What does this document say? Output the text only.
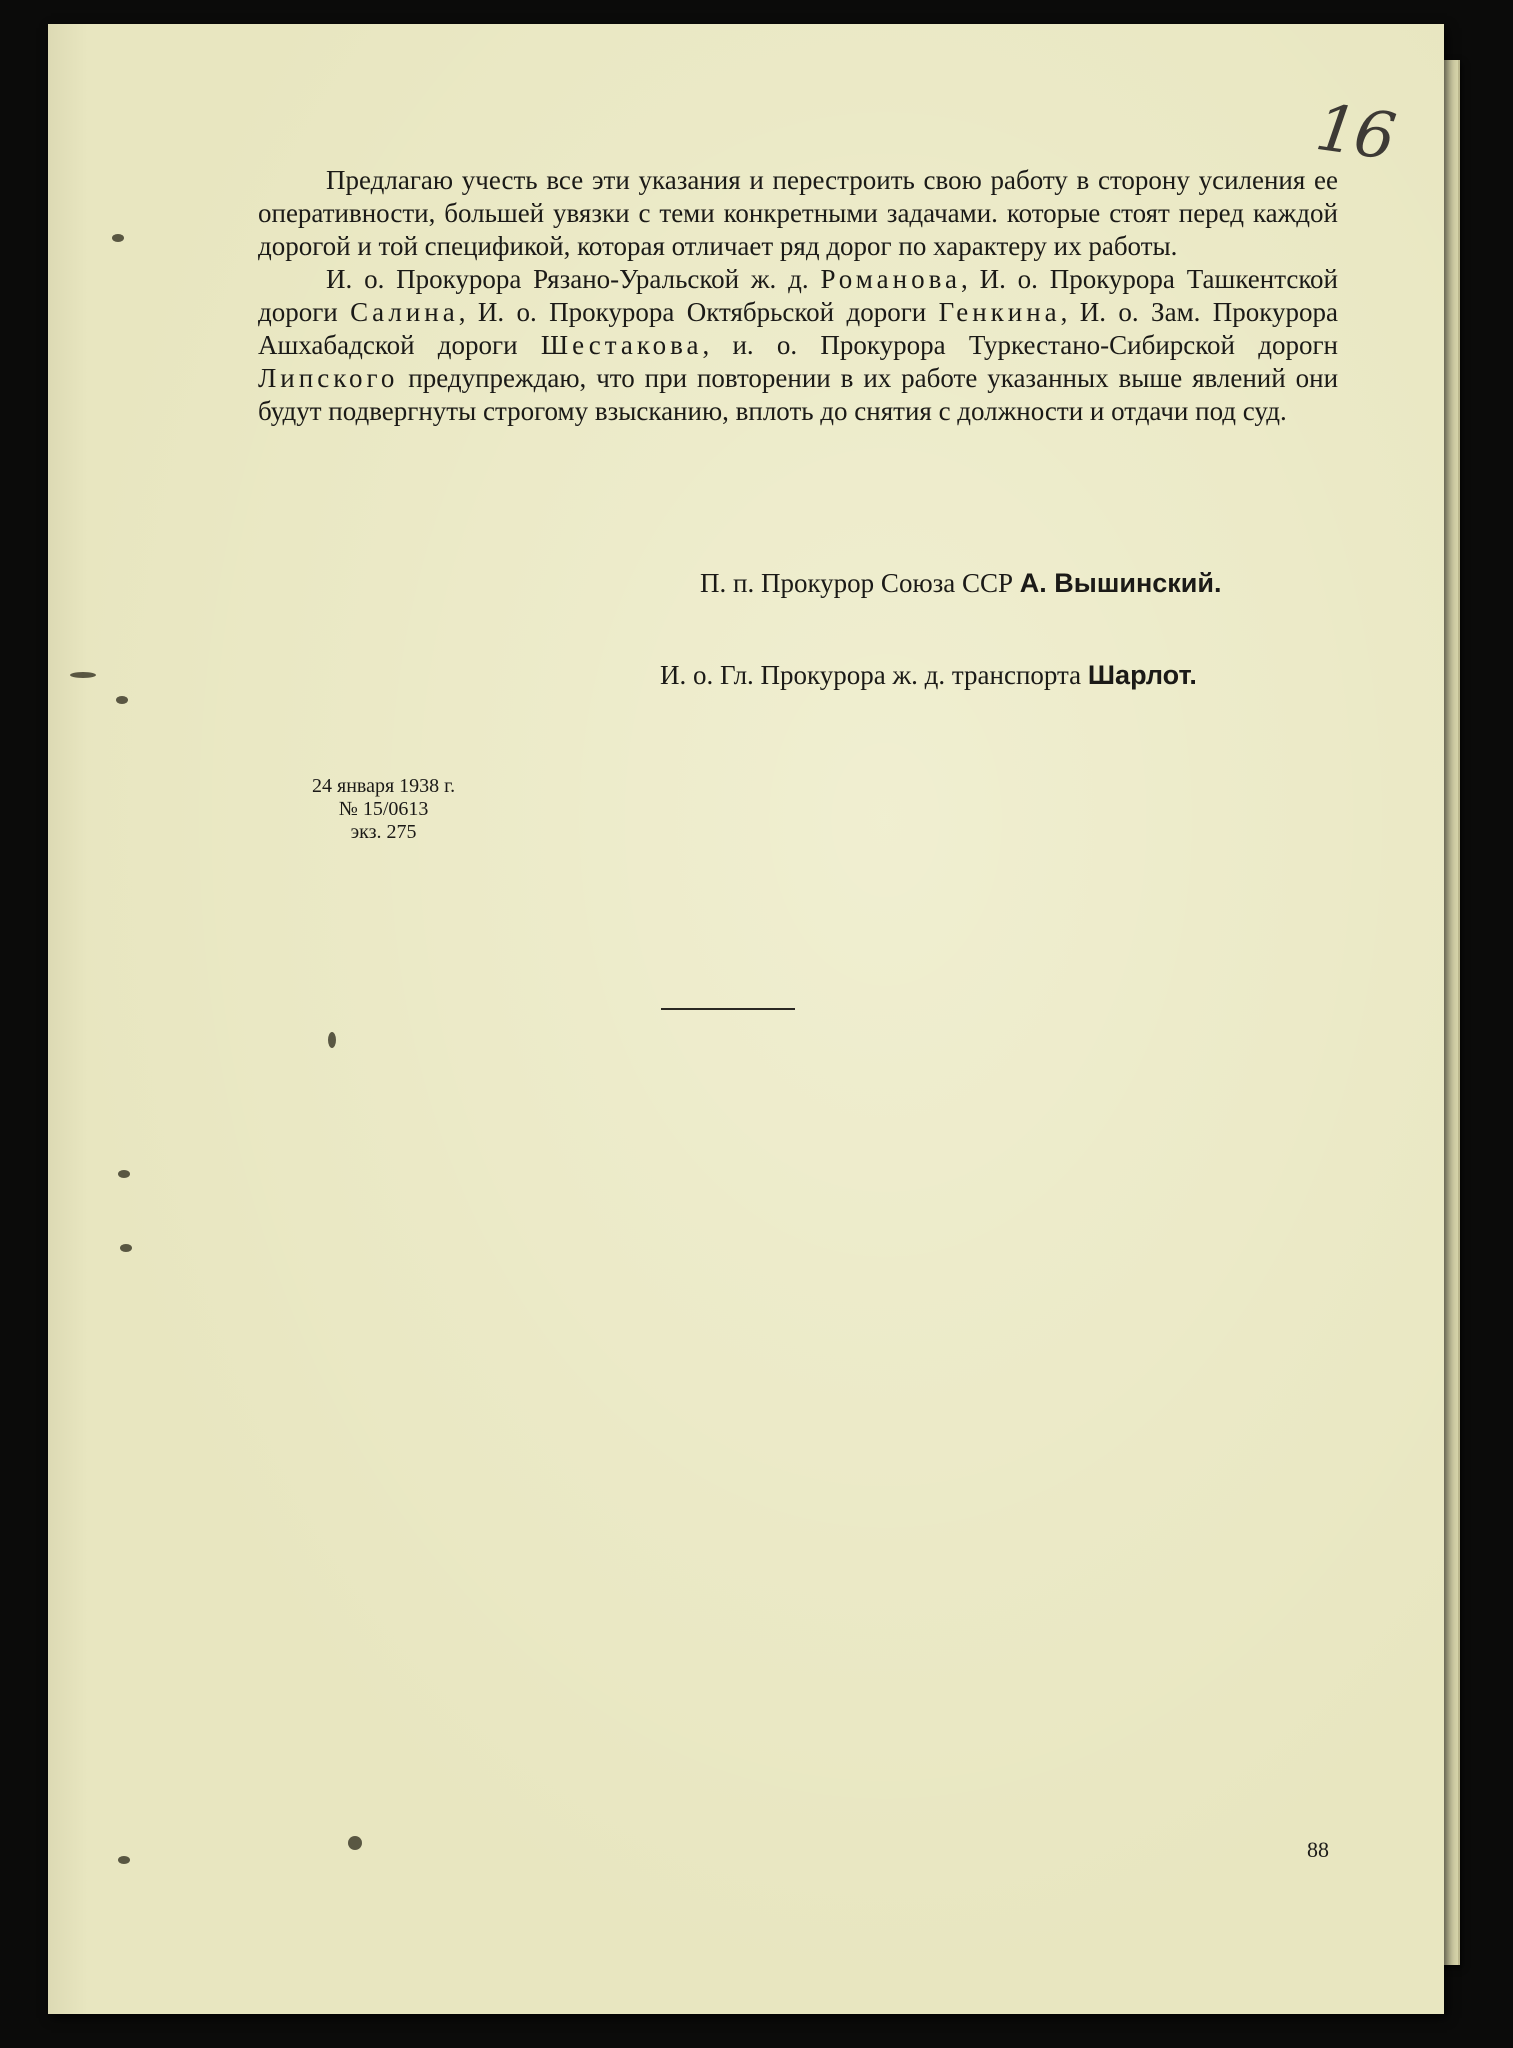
16

Предлагаю учесть все эти указания и перестроить свою работу в сторону усиления ее оперативности, большей увязки с теми конкретными задачами. которые стоят перед каждой дорогой и той спецификой, которая отличает ряд дорог по характеру их работы.

И. о. Прокурора Рязано-Уральской ж. д. Романова, И. о. Прокурора Ташкентской дороги Салина, И. о. Прокурора Октябрьской дороги Генкина, И. о. Зам. Прокурора Ашхабадской дороги Шестакова, и. о. Прокурора Туркестано-Сибирской дорогн Липского предупреждаю, что при повторении в их работе указанных выше явлений они будут подвергнуты строгому взысканию, вплоть до снятия с должности и отдачи под суд.

П. п. Прокурор Союза ССР А. Вышинский.
И. о. Гл. Прокурора ж. д. транспорта Шарлот.
24 января 1938 г.
№ 15/0613
экз. 275
88
